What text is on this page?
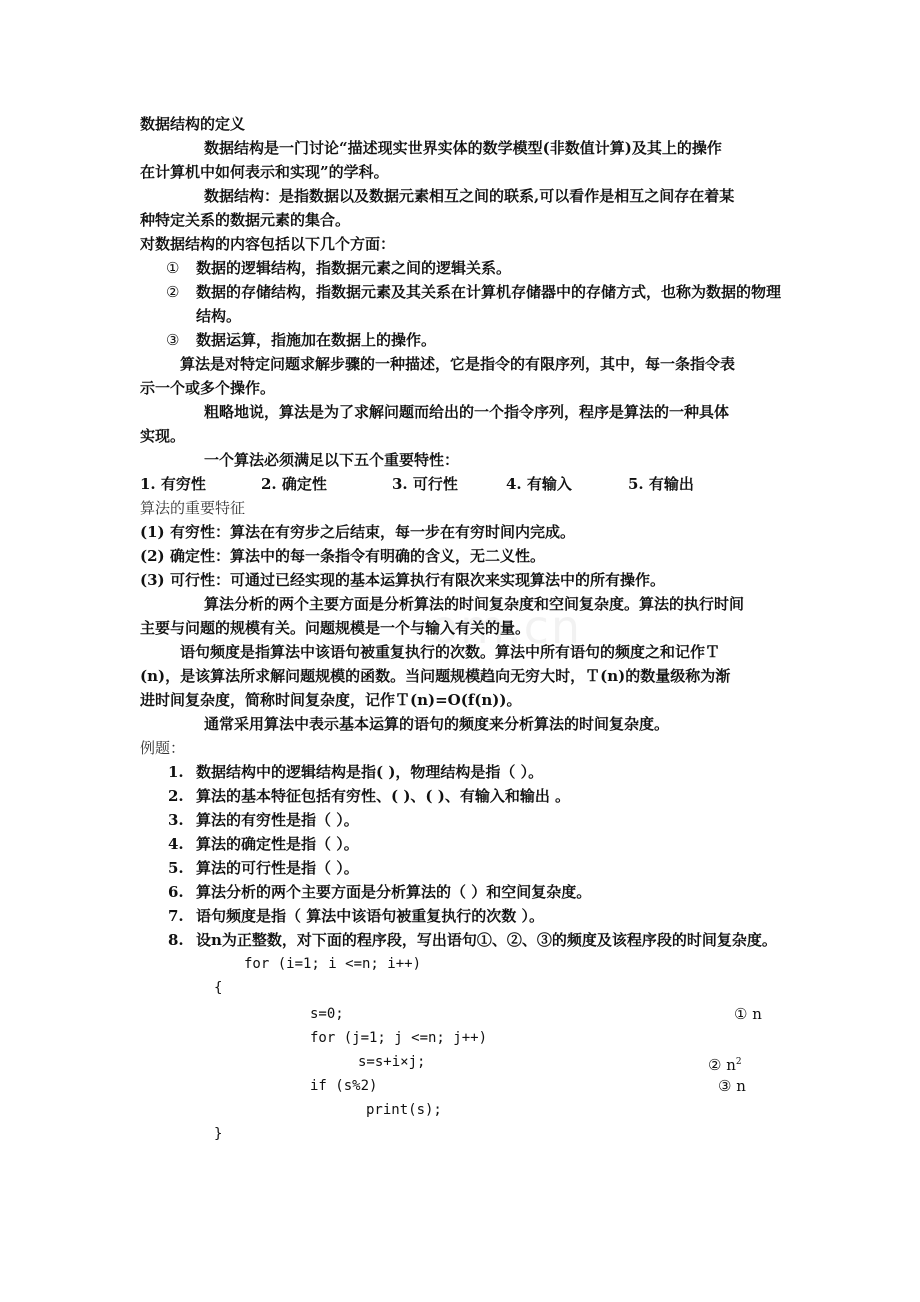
om.cn
数据结构的定义
数据结构是一门讨论“描述现实世界实体的数学模型(非数值计算)及其上的操作
在计算机中如何表示和实现”的学科。
数据结构：是指数据以及数据元素相互之间的联系,可以看作是相互之间存在着某
种特定关系的数据元素的集合。
对数据结构的内容包括以下几个方面：
①	数据的逻辑结构，指数据元素之间的逻辑关系。
②	数据的存储结构，指数据元素及其关系在计算机存储器中的存储方式，也称为数据的物理结构。
③	数据运算，指施加在数据上的操作。
算法是对特定问题求解步骤的一种描述，它是指令的有限序列，其中，每一条指令表
示一个或多个操作。
粗略地说，算法是为了求解问题而给出的一个指令序列，程序是算法的一种具体
实现。
一个算法必须满足以下五个重要特性：
1. 有穷性	2. 确定性	3. 可行性	4. 有输入	5. 有输出
算法的重要特征
(1) 有穷性：算法在有穷步之后结束，每一步在有穷时间内完成。
(2) 确定性：算法中的每一条指令有明确的含义，无二义性。
(3) 可行性：可通过已经实现的基本运算执行有限次来实现算法中的所有操作。
算法分析的两个主要方面是分析算法的时间复杂度和空间复杂度。算法的执行时间
主要与问题的规模有关。问题规模是一个与输入有关的量。
语句频度是指算法中该语句被重复执行的次数。算法中所有语句的频度之和记作Ｔ
(n)，是该算法所求解问题规模的函数。当问题规模趋向无穷大时，Ｔ(n)的数量级称为渐
进时间复杂度，简称时间复杂度，记作Ｔ(n)=O(f(n))。
通常采用算法中表示基本运算的语句的频度来分析算法的时间复杂度。
例题：
1. 数据结构中的逻辑结构是指( )，物理结构是指（ ）。
2. 算法的基本特征包括有穷性、( )、( )、有输入和输出 。
3. 算法的有穷性是指（ ）。
4. 算法的确定性是指（ ）。
5. 算法的可行性是指（ ）。
6. 算法分析的两个主要方面是分析算法的（ ）和空间复杂度。
7. 语句频度是指（ 算法中该语句被重复执行的次数 ）。
8. 设n为正整数，对下面的程序段，写出语句①、②、③的频度及该程序段的时间复杂度。
for (i=1; i <=n; i++)
{
s=0;	① n
for (j=1; j <=n; j++)
s=s+i×j;	② $n^2$
if (s%2)	③ n
print(s);
}
